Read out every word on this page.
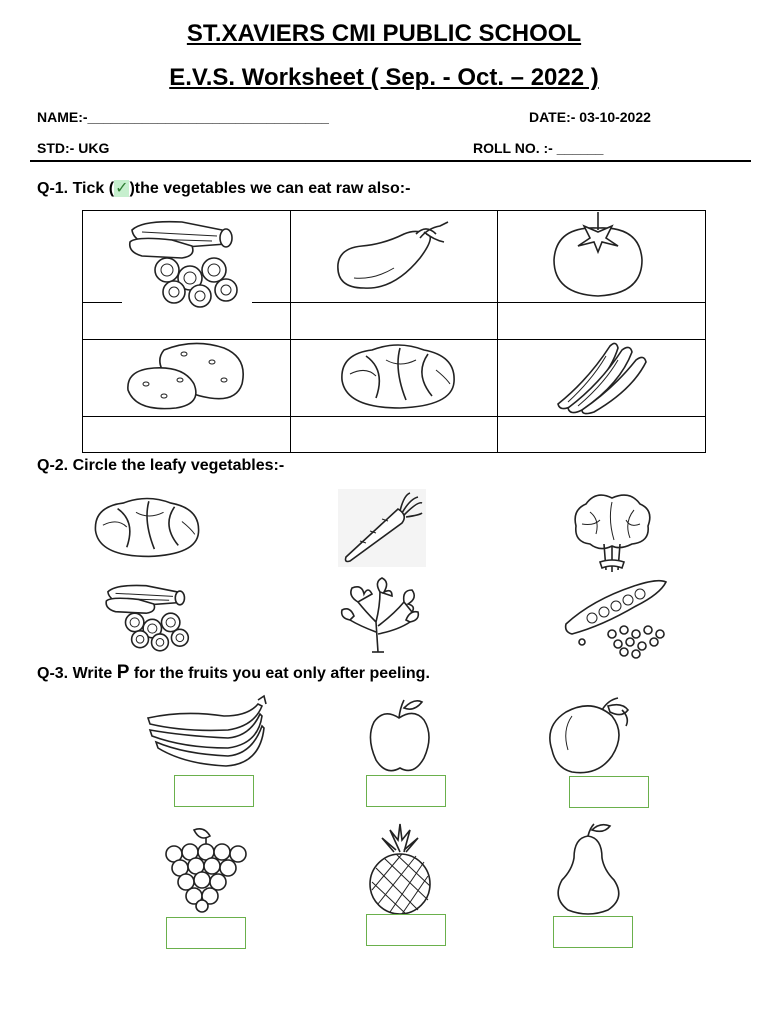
ST.XAVIERS CMI PUBLIC SCHOOL
E.V.S. Worksheet ( Sep. - Oct. – 2022 )
NAME:-_______________________________	DATE:- 03-10-2022
STD:- UKG	ROLL NO. :- ______
Q-1. Tick (✓)the vegetables we can eat raw also:-

Q-2. Circle the leafy vegetables:-
Q-3. Write P for the fruits you eat only after peeling.
